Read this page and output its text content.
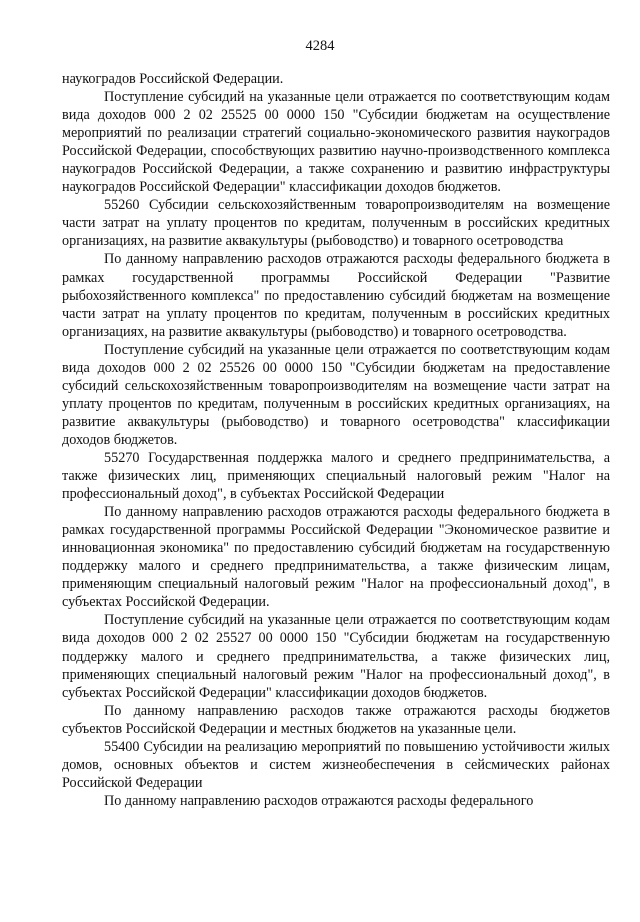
4284

наукоградов Российской Федерации.

Поступление субсидий на указанные цели отражается по соответствующим кодам вида доходов 000 2 02 25525 00 0000 150 "Субсидии бюджетам на осуществление мероприятий по реализации стратегий социально-экономического развития наукоградов Российской Федерации, способствующих развитию научно-производственного комплекса наукоградов Российской Федерации, а также сохранению и развитию инфраструктуры наукоградов Российской Федерации" классификации доходов бюджетов.

55260 Субсидии сельскохозяйственным товаропроизводителям на возмещение части затрат на уплату процентов по кредитам, полученным в российских кредитных организациях, на развитие аквакультуры (рыбоводство) и товарного осетроводства

По данному направлению расходов отражаются расходы федерального бюджета в рамках государственной программы Российской Федерации "Развитие рыбохозяйственного комплекса" по предоставлению субсидий бюджетам на возмещение части затрат на уплату процентов по кредитам, полученным в российских кредитных организациях, на развитие аквакультуры (рыбоводство) и товарного осетроводства.

Поступление субсидий на указанные цели отражается по соответствующим кодам вида доходов 000 2 02 25526 00 0000 150 "Субсидии бюджетам на предоставление субсидий сельскохозяйственным товаропроизводителям на возмещение части затрат на уплату процентов по кредитам, полученным в российских кредитных организациях, на развитие аквакультуры (рыбоводство) и товарного осетроводства" классификации доходов бюджетов.

55270 Государственная поддержка малого и среднего предпринимательства, а также физических лиц, применяющих специальный налоговый режим "Налог на профессиональный доход", в субъектах Российской Федерации

По данному направлению расходов отражаются расходы федерального бюджета в рамках государственной программы Российской Федерации "Экономическое развитие и инновационная экономика" по предоставлению субсидий бюджетам на государственную поддержку малого и среднего предпринимательства, а также физическим лицам, применяющим специальный налоговый режим "Налог на профессиональный доход", в субъектах Российской Федерации.

Поступление субсидий на указанные цели отражается по соответствующим кодам вида доходов 000 2 02 25527 00 0000 150 "Субсидии бюджетам на государственную поддержку малого и среднего предпринимательства, а также физических лиц, применяющих специальный налоговый режим "Налог на профессиональный доход", в субъектах Российской Федерации" классификации доходов бюджетов.

По данному направлению расходов также отражаются расходы бюджетов субъектов Российской Федерации и местных бюджетов на указанные цели.

55400 Субсидии на реализацию мероприятий по повышению устойчивости жилых домов, основных объектов и систем жизнеобеспечения в сейсмических районах Российской Федерации

По данному направлению расходов отражаются расходы федерального
